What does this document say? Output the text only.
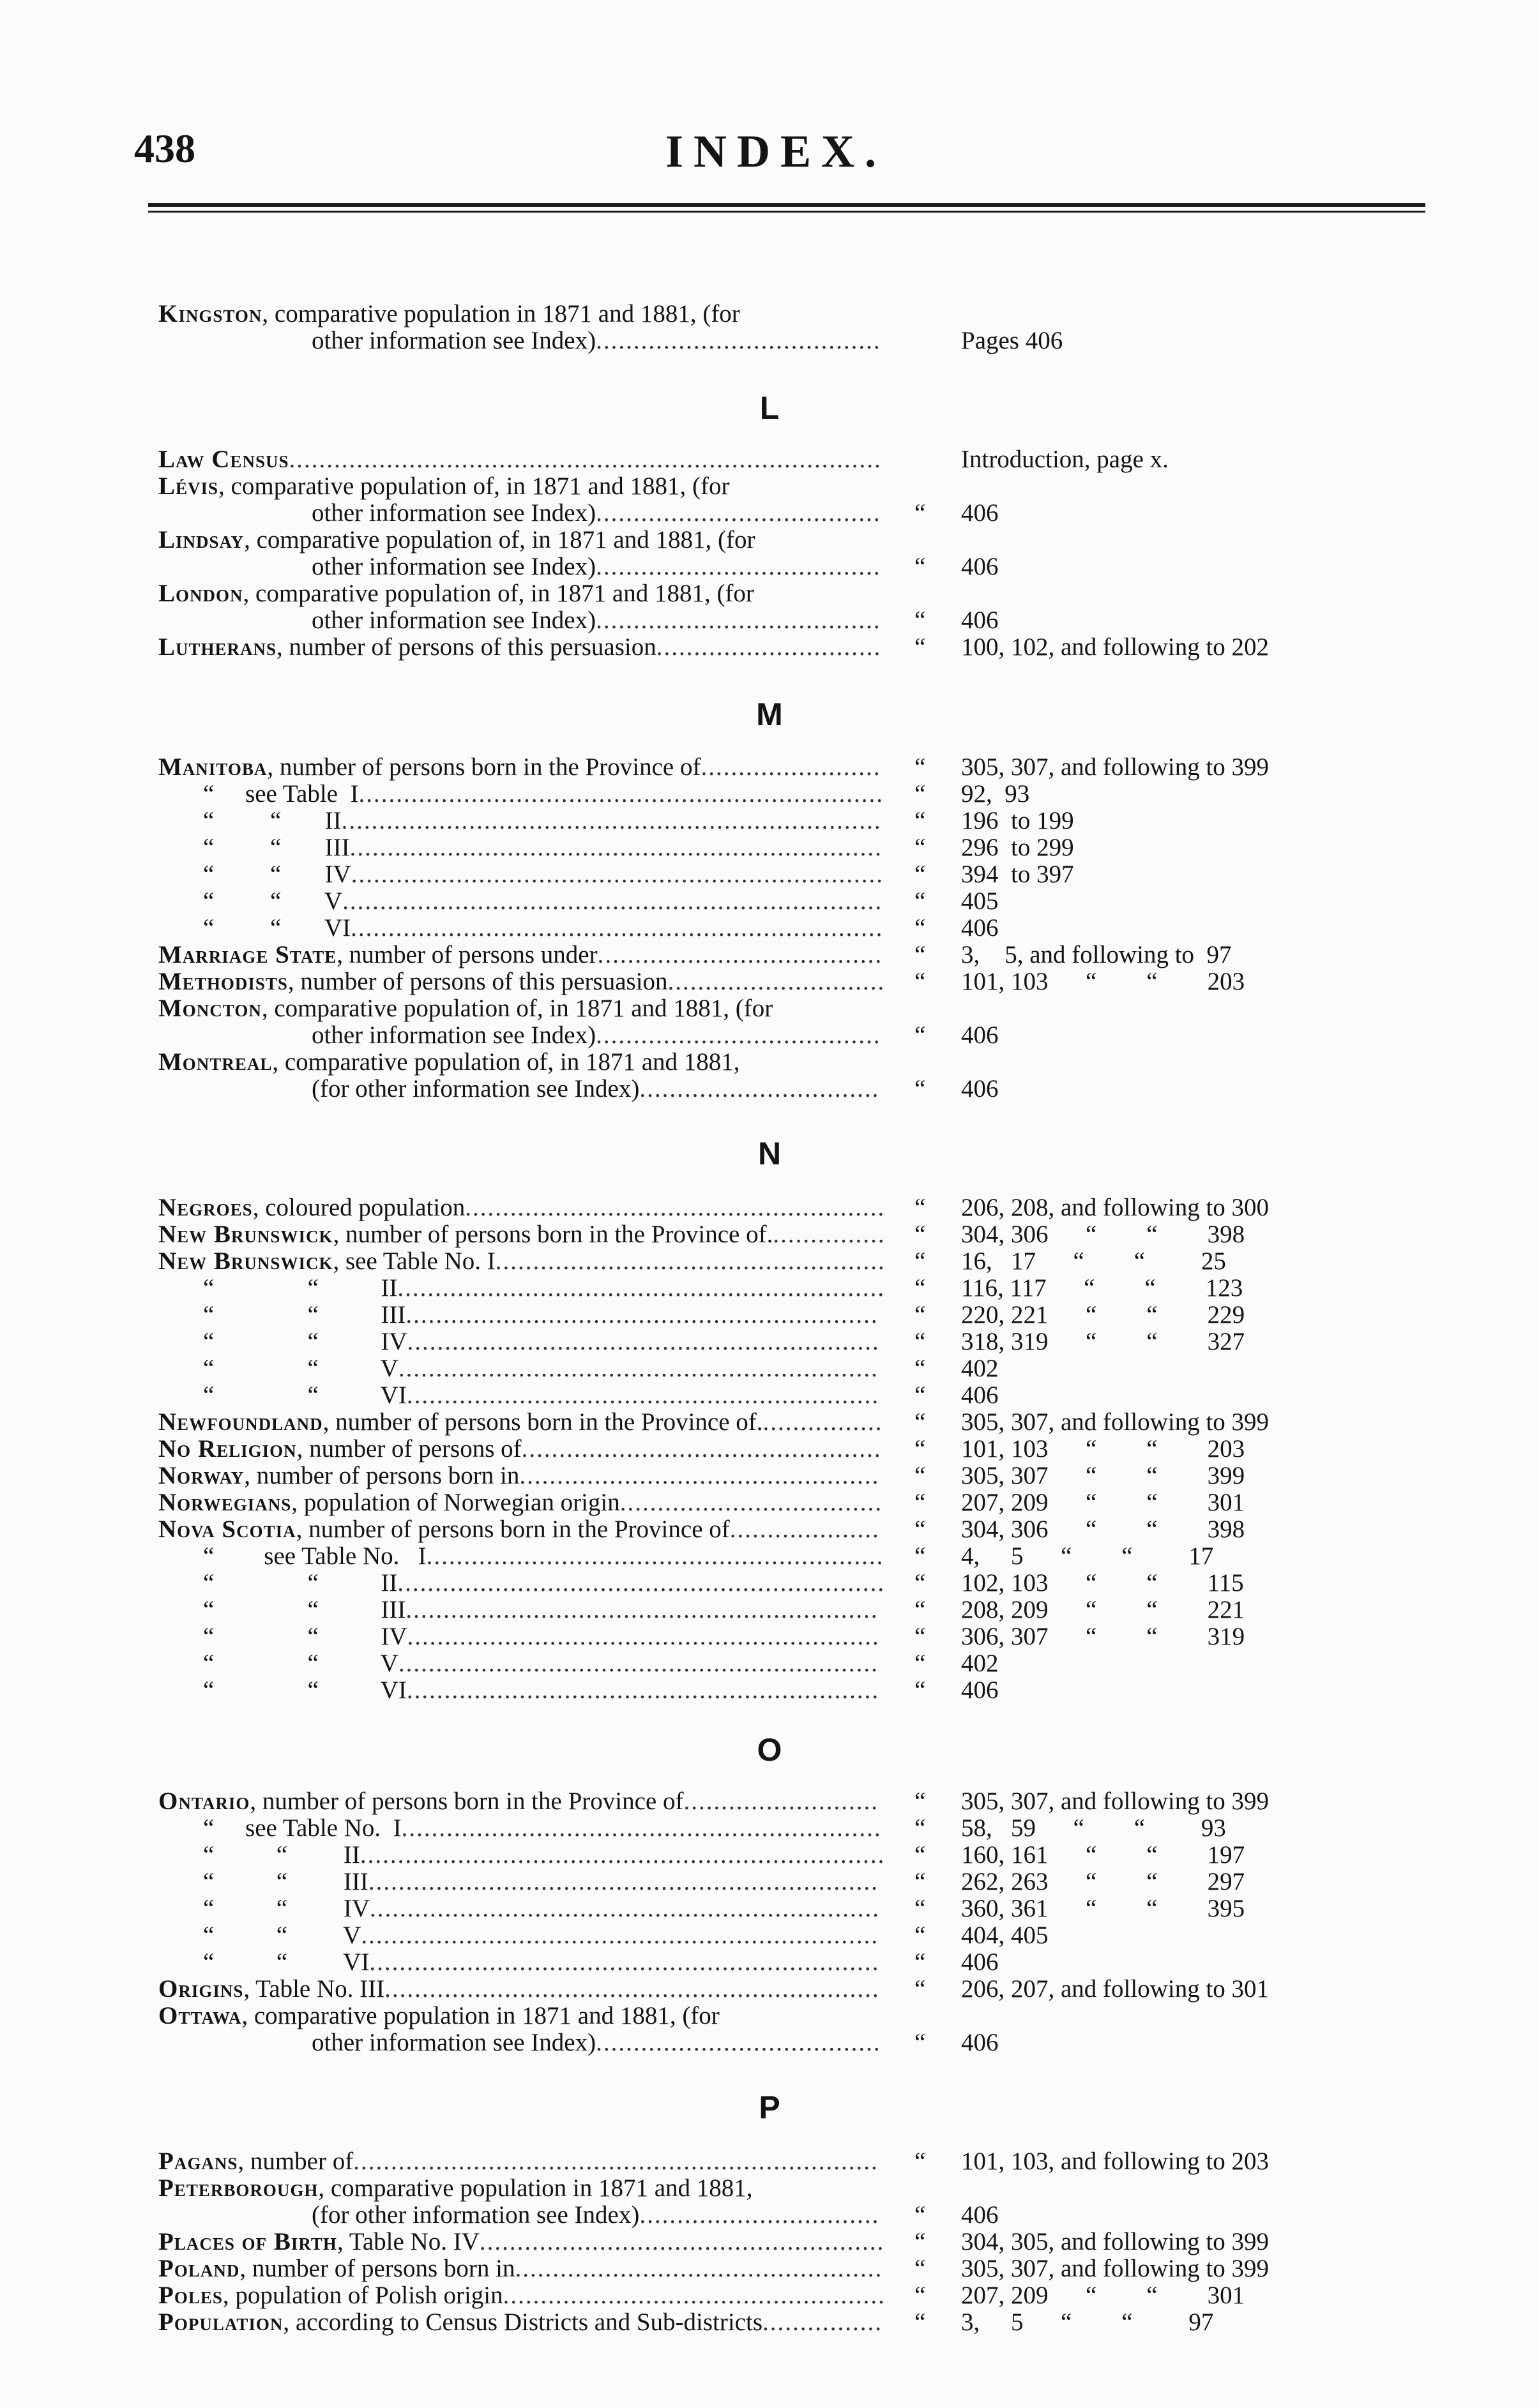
438	INDEX.
L
M
N
O
P
Kingston, comparative population in 1871 and 1881, (for
other information see Index)......................................	Pages 406
Law Census...............................................................................	Introduction, page x.
Lévis, comparative population of, in 1871 and 1881, (for
other information see Index)......................................	“ 406
Lindsay, comparative population of, in 1871 and 1881, (for
other information see Index)......................................	“ 406
London, comparative population of, in 1871 and 1881, (for
other information see Index)......................................	“ 406
Lutherans, number of persons of this persuasion..............................	“ 100, 102, and following to 202
Manitoba, number of persons born in the Province of........................	“ 305, 307, and following to 399
“     see Table  I...................................................................... “ 92,  93
“         “       II........................................................................	“ 196  to 199
“         “       III.......................................................................	“ 296  to 299
“         “       IV....................................................................... “ 394  to 397
“         “       V........................................................................	“ 405
“         “       VI....................................................................... “ 406
Marriage State, number of persons under......................................	“ 3,    5, and following to  97
Methodists, number of persons of this persuasion............................. “ 101, 103      “        “        203
Moncton, comparative population of, in 1871 and 1881, (for
other information see Index)......................................	“ 406
Montreal, comparative population of, in 1871 and 1881,
(for other information see Index)................................	“ 406
Negroes, coloured population........................................................ “ 206, 208, and following to 300
New Brunswick, number of persons born in the Province of................ “ 304, 306      “        “        398
New Brunswick, see Table No. I.................................................... “ 16,   17      “        “         25
“               “          II................................................................. “ 116, 117      “        “        123
“               “          III...............................................................	“ 220, 221      “        “        229
“               “          IV...............................................................	“ 318, 319      “        “        327
“               “          V................................................................	“ 402
“               “          VI...............................................................	“ 406
Newfoundland, number of persons born in the Province of.................	“ 305, 307, and following to 399
No Religion, number of persons of................................................	“ 101, 103      “        “        203
Norway, number of persons born in................................................	“ 305, 307      “        “        399
Norwegians, population of Norwegian origin...................................	“ 207, 209      “        “        301
Nova Scotia, number of persons born in the Province of....................	“ 304, 306      “        “        398
“        see Table No.   I............................................................. “ 4,     5      “        “         17
“               “          II................................................................. “ 102, 103      “        “        115
“               “          III...............................................................	“ 208, 209      “        “        221
“               “          IV...............................................................	“ 306, 307      “        “        319
“               “          V................................................................	“ 402
“               “          VI...............................................................	“ 406
Ontario, number of persons born in the Province of..........................	“ 305, 307, and following to 399
“     see Table No.  I................................................................	“ 58,   59      “        “         93
“          “         II...................................................................... “ 160, 161      “        “        197
“          “         III....................................................................	“ 262, 263      “        “        297
“          “         IV....................................................................	“ 360, 361      “        “        395
“          “         V.....................................................................	“ 404, 405
“          “         VI....................................................................	“ 406
Origins, Table No. III..................................................................	“ 206, 207, and following to 301
Ottawa, comparative population in 1871 and 1881, (for
other information see Index)......................................	“ 406
Pagans, number of......................................................................	“ 101, 103, and following to 203
Peterborough, comparative population in 1871 and 1881,
(for other information see Index)................................	“ 406
Places of Birth, Table No. IV...................................................... “ 304, 305, and following to 399
Poland, number of persons born in.................................................	“ 305, 307, and following to 399
Poles, population of Polish origin................................................... “ 207, 209      “        “        301
Population, according to Census Districts and Sub-districts................	“ 3,     5      “        “         97
